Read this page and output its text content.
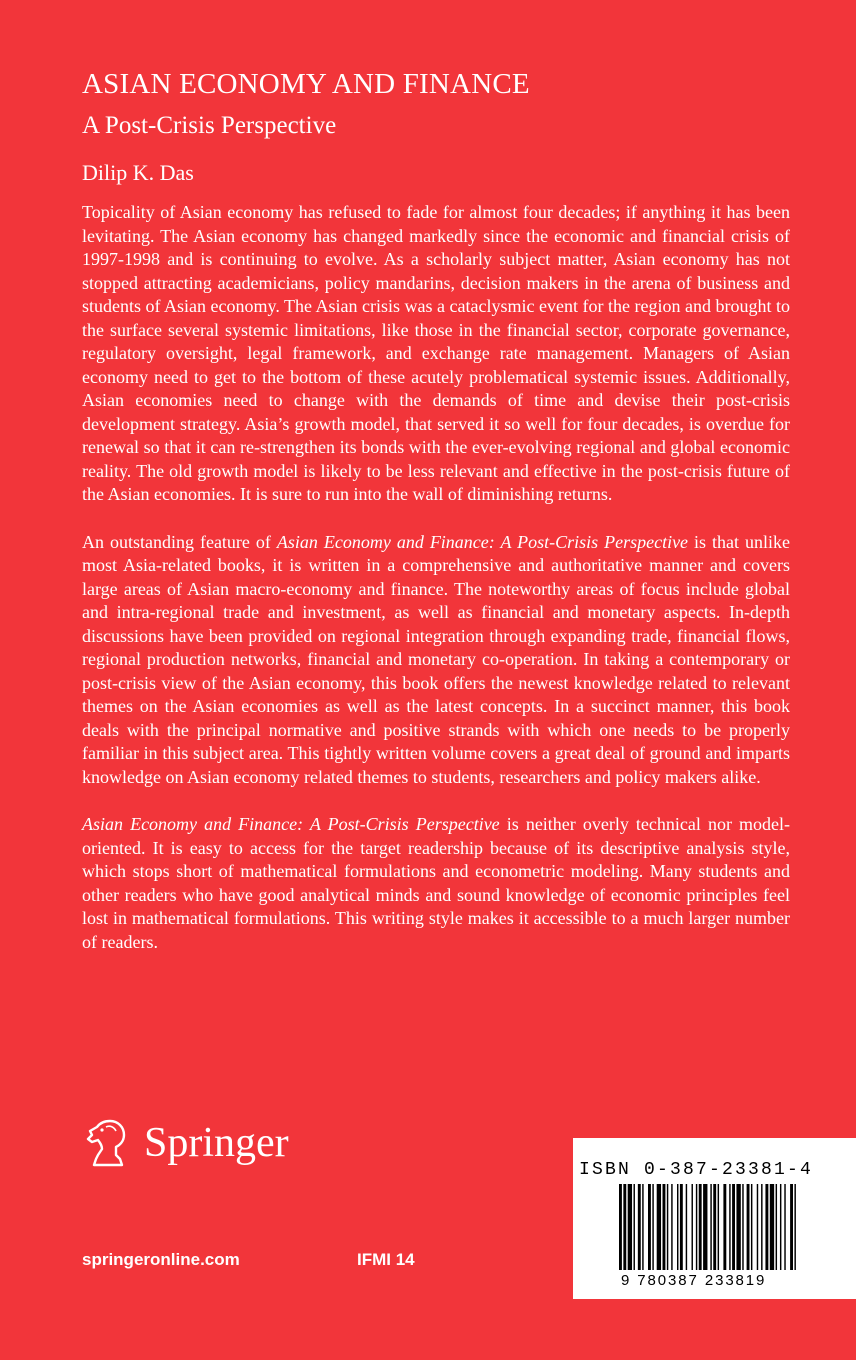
ASIAN ECONOMY AND FINANCE
A Post-Crisis Perspective
Dilip K. Das

Topicality of Asian economy has refused to fade for almost four decades; if anything it has been levitating. The Asian economy has changed markedly since the economic and financial crisis of 1997-1998 and is continuing to evolve. As a scholarly subject matter, Asian economy has not stopped attracting academicians, policy mandarins, decision makers in the arena of business and students of Asian economy. The Asian crisis was a cataclysmic event for the region and brought to the surface several systemic limitations, like those in the financial sector, corporate governance, regulatory oversight, legal framework, and exchange rate management. Managers of Asian economy need to get to the bottom of these acutely problematical systemic issues. Additionally, Asian economies need to change with the demands of time and devise their post-crisis development strategy. Asia’s growth model, that served it so well for four decades, is overdue for renewal so that it can re-strengthen its bonds with the ever-evolving regional and global economic reality. The old growth model is likely to be less relevant and effective in the post-crisis future of the Asian economies. It is sure to run into the wall of diminishing returns.

An outstanding feature of Asian Economy and Finance: A Post-Crisis Perspective is that unlike most Asia-related books, it is written in a comprehensive and authoritative manner and covers large areas of Asian macro-economy and finance. The noteworthy areas of focus include global and intra-regional trade and investment, as well as financial and monetary aspects. In-depth discussions have been provided on regional integration through expanding trade, financial flows, regional production networks, financial and monetary co-operation. In taking a contemporary or post-crisis view of the Asian economy, this book offers the newest knowledge related to relevant themes on the Asian economies as well as the latest concepts. In a succinct manner, this book deals with the principal normative and positive strands with which one needs to be properly familiar in this subject area. This tightly written volume covers a great deal of ground and imparts knowledge on Asian economy related themes to students, researchers and policy makers alike.

Asian Economy and Finance: A Post-Crisis Perspective is neither overly technical nor model-oriented. It is easy to access for the target readership because of its descriptive analysis style, which stops short of mathematical formulations and econometric modeling. Many students and other readers who have good analytical minds and sound knowledge of economic principles feel lost in mathematical formulations. This writing style makes it accessible to a much larger number of readers.

Springer
springeronline.com	IFMI 14
ISBN 0-387-23381-4
9 780387 233819
